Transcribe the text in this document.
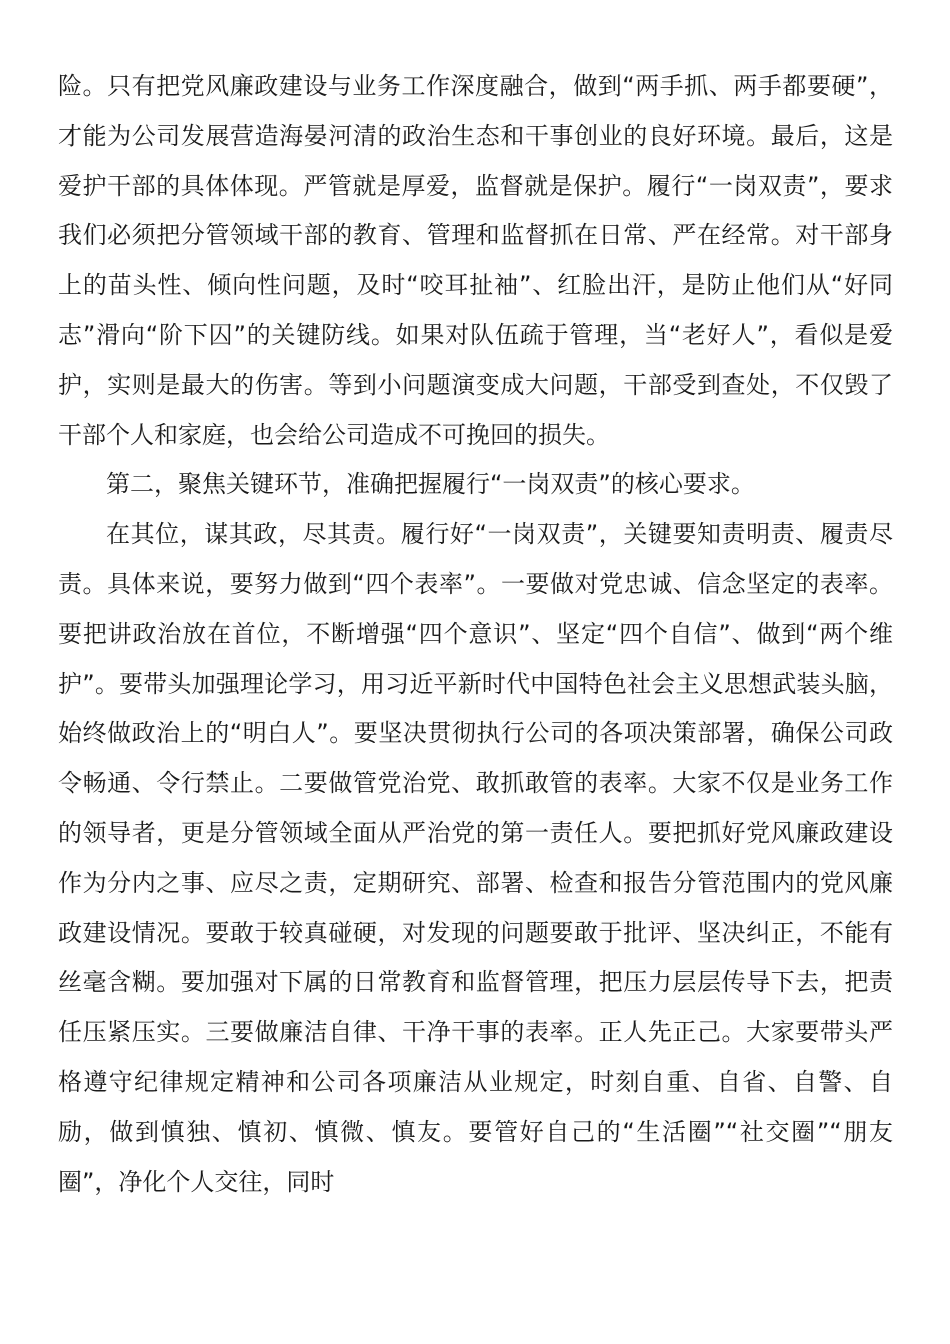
险。只有把党风廉政建设与业务工作深度融合，做到“两手抓、两手都要硬”，才能为公司发展营造海晏河清的政治生态和干事创业的良好环境。最后，这是爱护干部的具体体现。严管就是厚爱，监督就是保护。履行“一岗双责”，要求我们必须把分管领域干部的教育、管理和监督抓在日常、严在经常。对干部身上的苗头性、倾向性问题，及时“咬耳扯袖”、红脸出汗，是防止他们从“好同志”滑向“阶下囚”的关键防线。如果对队伍疏于管理，当“老好人”，看似是爱护，实则是最大的伤害。等到小问题演变成大问题，干部受到查处，不仅毁了干部个人和家庭，也会给公司造成不可挽回的损失。

第二，聚焦关键环节，准确把握履行“一岗双责”的核心要求。

在其位，谋其政，尽其责。履行好“一岗双责”，关键要知责明责、履责尽责。具体来说，要努力做到“四个表率”。一要做对党忠诚、信念坚定的表率。要把讲政治放在首位，不断增强“四个意识”、坚定“四个自信”、做到“两个维护”。要带头加强理论学习，用习近平新时代中国特色社会主义思想武装头脑，始终做政治上的“明白人”。要坚决贯彻执行公司的各项决策部署，确保公司政令畅通、令行禁止。二要做管党治党、敢抓敢管的表率。大家不仅是业务工作的领导者，更是分管领域全面从严治党的第一责任人。要把抓好党风廉政建设作为分内之事、应尽之责，定期研究、部署、检查和报告分管范围内的党风廉政建设情况。要敢于较真碰硬，对发现的问题要敢于批评、坚决纠正，不能有丝毫含糊。要加强对下属的日常教育和监督管理，把压力层层传导下去，把责任压紧压实。三要做廉洁自律、干净干事的表率。正人先正己。大家要带头严格遵守纪律规定精神和公司各项廉洁从业规定，时刻自重、自省、自警、自励，做到慎独、慎初、慎微、慎友。要管好自己的“生活圈”“社交圈”“朋友圈”，净化个人交往，同时
